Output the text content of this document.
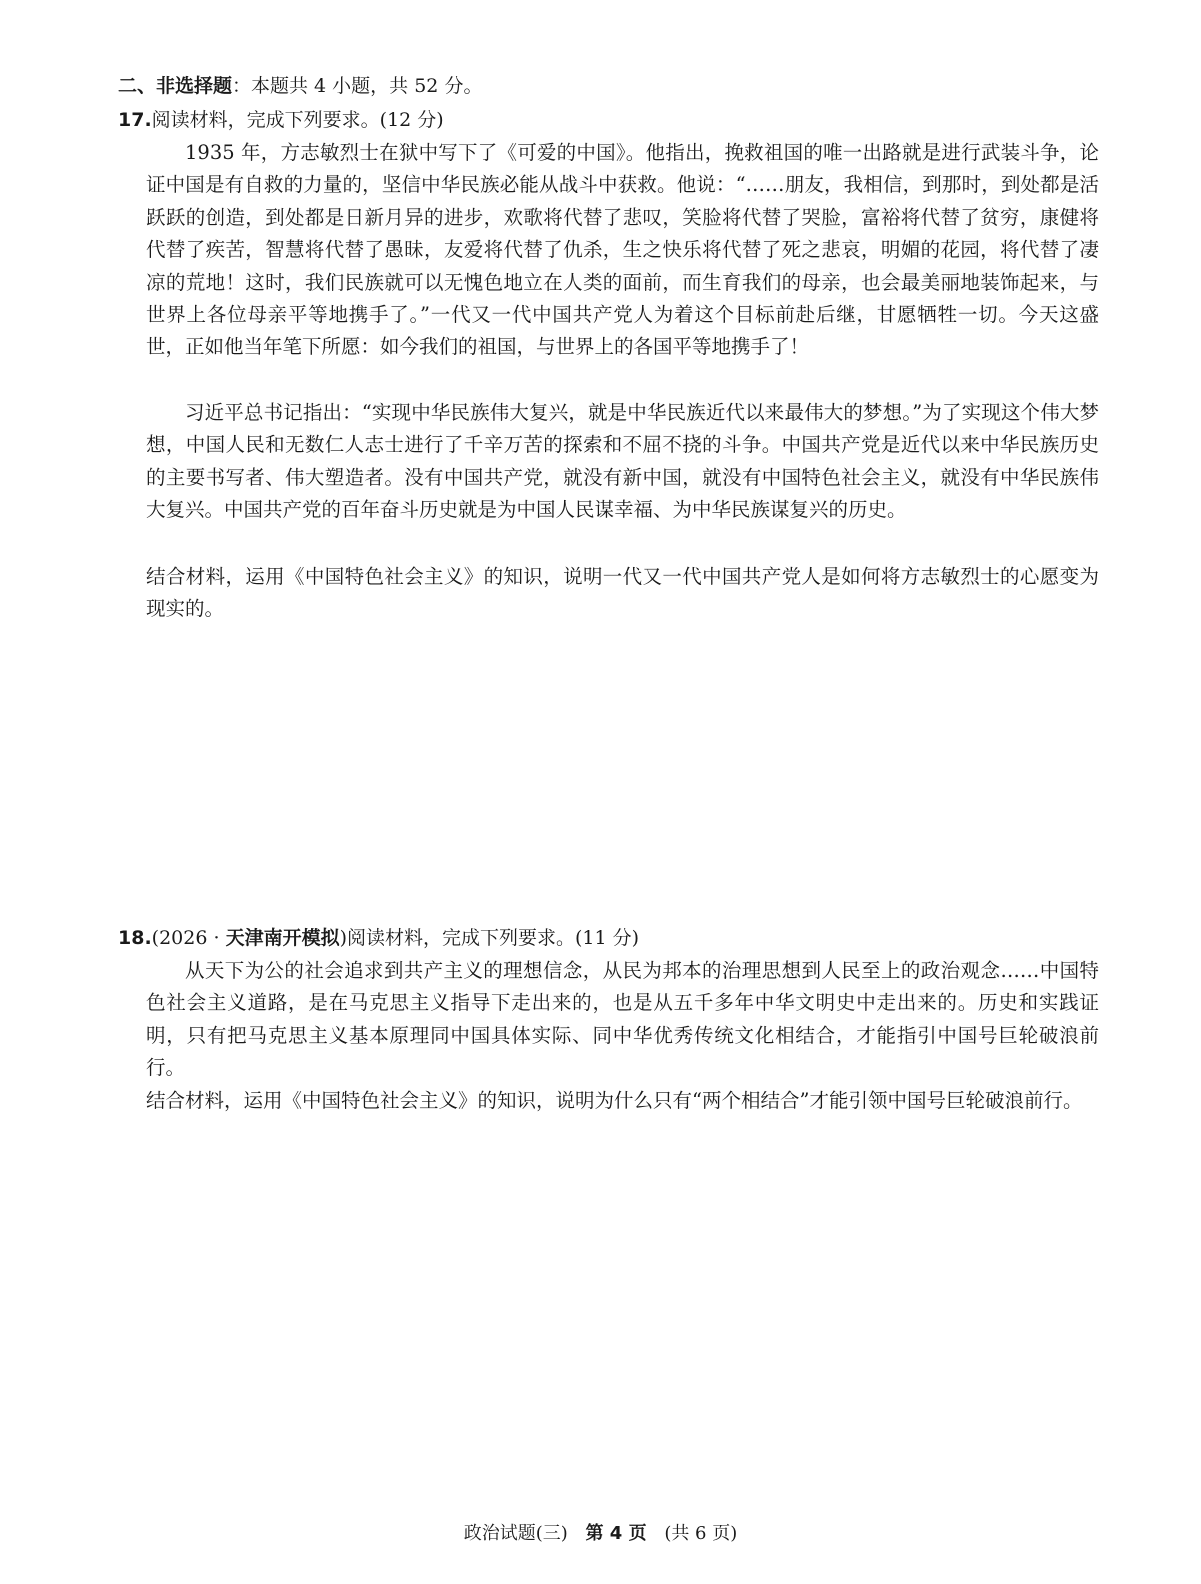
二、非选择题：本题共 4 小题，共 52 分。
17.阅读材料，完成下列要求。(12 分)

1935 年，方志敏烈士在狱中写下了《可爱的中国》。他指出，挽救祖国的唯一出路就是进行武装斗争，论证中国是有自救的力量的，坚信中华民族必能从战斗中获救。他说：“……朋友，我相信，到那时，到处都是活跃跃的创造，到处都是日新月异的进步，欢歌将代替了悲叹，笑脸将代替了哭脸，富裕将代替了贫穷，康健将代替了疾苦，智慧将代替了愚昧，友爱将代替了仇杀，生之快乐将代替了死之悲哀，明媚的花园，将代替了凄凉的荒地！这时，我们民族就可以无愧色地立在人类的面前，而生育我们的母亲，也会最美丽地装饰起来，与世界上各位母亲平等地携手了。”一代又一代中国共产党人为着这个目标前赴后继，甘愿牺牲一切。今天这盛世，正如他当年笔下所愿：如今我们的祖国，与世界上的各国平等地携手了！

习近平总书记指出：“实现中华民族伟大复兴，就是中华民族近代以来最伟大的梦想。”为了实现这个伟大梦想，中国人民和无数仁人志士进行了千辛万苦的探索和不屈不挠的斗争。中国共产党是近代以来中华民族历史的主要书写者、伟大塑造者。没有中国共产党，就没有新中国，就没有中国特色社会主义，就没有中华民族伟大复兴。中国共产党的百年奋斗历史就是为中国人民谋幸福、为中华民族谋复兴的历史。

结合材料，运用《中国特色社会主义》的知识，说明一代又一代中国共产党人是如何将方志敏烈士的心愿变为现实的。

18.(2026 · 天津南开模拟)阅读材料，完成下列要求。(11 分)

从天下为公的社会追求到共产主义的理想信念，从民为邦本的治理思想到人民至上的政治观念……中国特色社会主义道路，是在马克思主义指导下走出来的，也是从五千多年中华文明史中走出来的。历史和实践证明，只有把马克思主义基本原理同中国具体实际、同中华优秀传统文化相结合，才能指引中国号巨轮破浪前行。

结合材料，运用《中国特色社会主义》的知识，说明为什么只有“两个相结合”才能引领中国号巨轮破浪前行。

政治试题(三) 第 4 页 (共 6 页)
